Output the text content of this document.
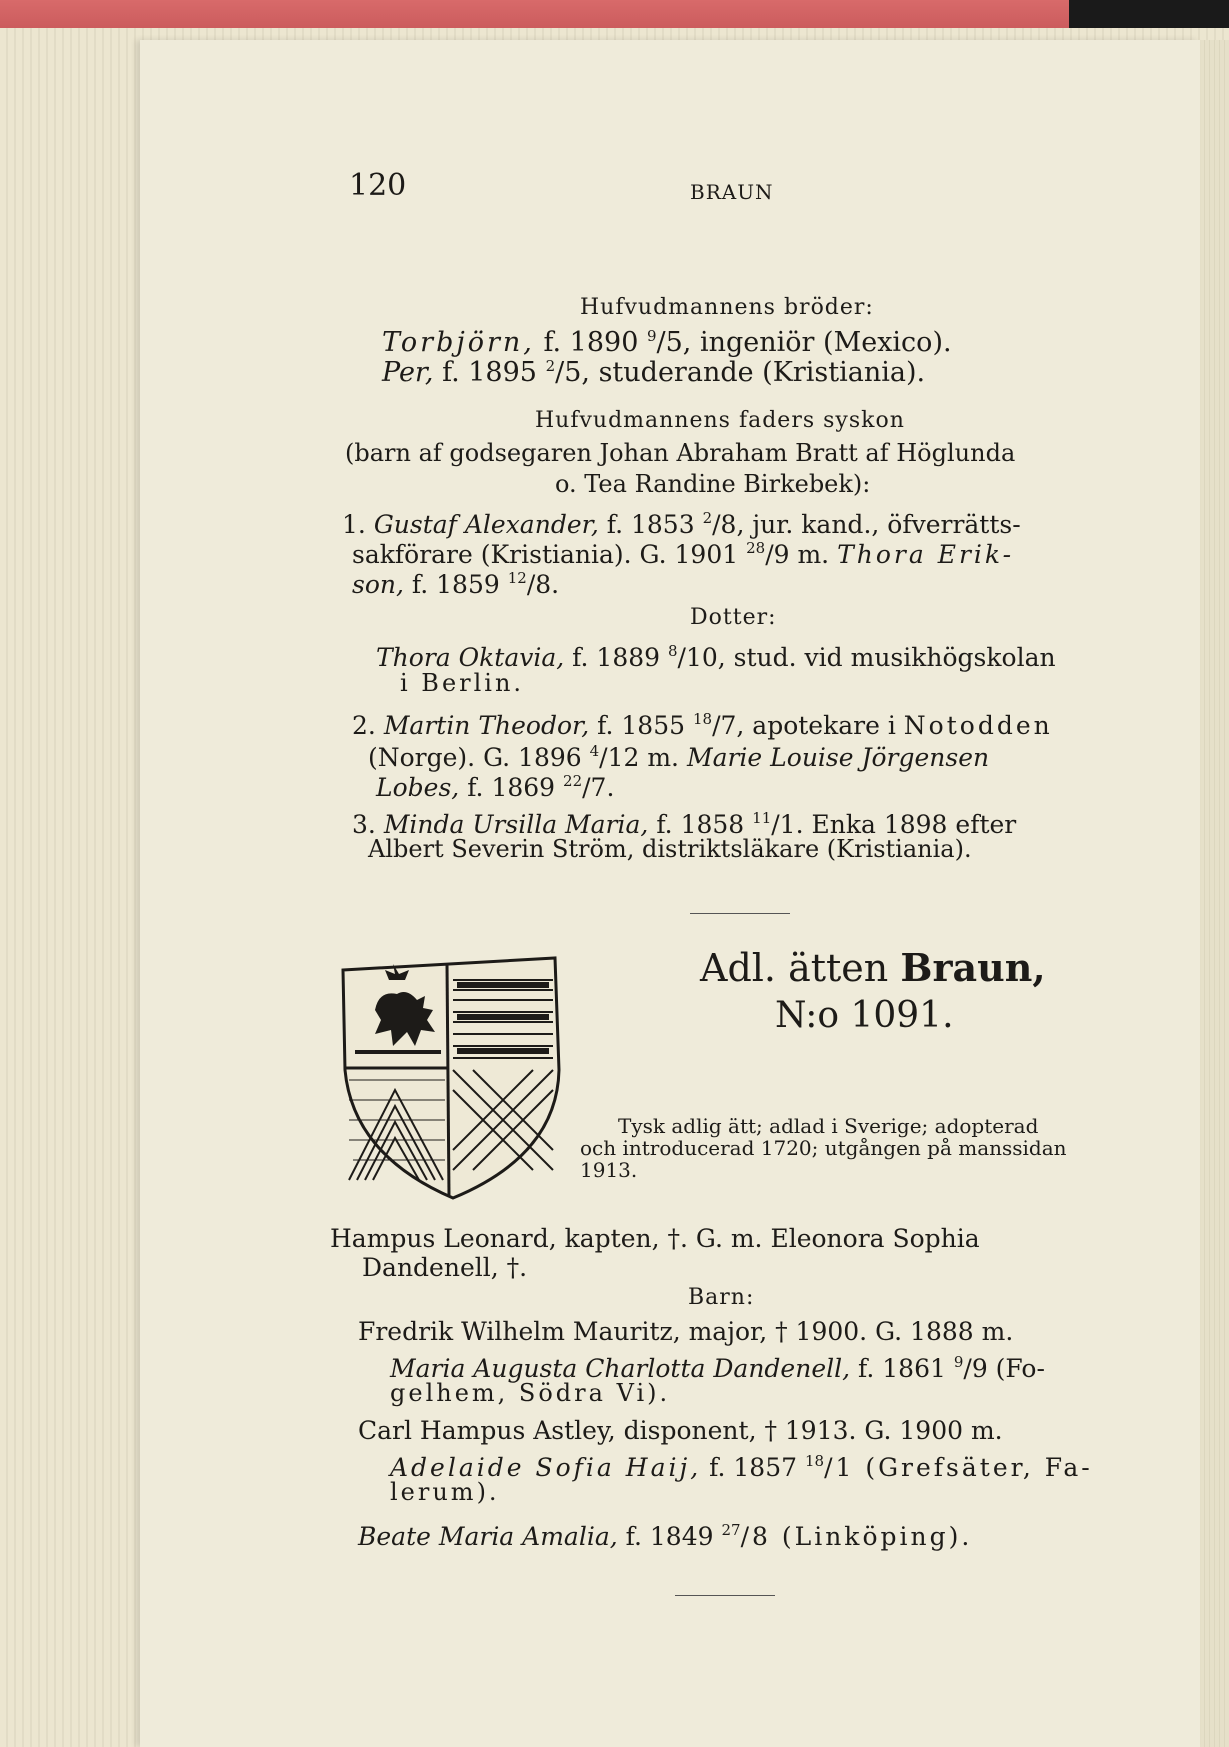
120	BRAUN
Hufvudmannens bröder:
Torbjörn, f. 1890 $^9$/5, ingeniör (Mexico).
Per, f. 1895 $^2$/5, studerande (Kristiania).
Hufvudmannens faders syskon
(barn af godsegaren Johan Abraham Bratt af Höglunda
o. Tea Randine Birkebek):
1. Gustaf Alexander, f. 1853 $^2$/8, jur. kand., öfverrätts-
sakförare (Kristiania). G. 1901 $^{28}$/9 m. Thora Erik-
son, f. 1859 $^{12}$/8.
Dotter:
Thora Oktavia, f. 1889 $^8$/10, stud. vid musikhögskolan
i Berlin.
2. Martin Theodor, f. 1855 $^{18}$/7, apotekare i Notodden
(Norge). G. 1896 $^4$/12 m. Marie Louise Jörgensen
Lobes, f. 1869 $^{22}$/7.
3. Minda Ursilla Maria, f. 1858 $^{11}$/1. Enka 1898 efter
Albert Severin Ström, distriktsläkare (Kristiania).
Adl. ätten Braun,
N:o 1091.
Tysk adlig ätt; adlad i Sverige; adopterad
och introducerad 1720; utgången på manssidan
1913.
Hampus Leonard, kapten, †. G. m. Eleonora Sophia
Dandenell, †.
Barn:
Fredrik Wilhelm Mauritz, major, † 1900. G. 1888 m.
Maria Augusta Charlotta Dandenell, f. 1861 $^9$/9 (Fo-
gelhem, Södra Vi).
Carl Hampus Astley, disponent, † 1913. G. 1900 m.
Adelaide Sofia Haij, f. 1857 $^{18}$/1 (Grefsäter, Fa-
lerum).
Beate Maria Amalia, f. 1849 $^{27}$/8 (Linköping).
